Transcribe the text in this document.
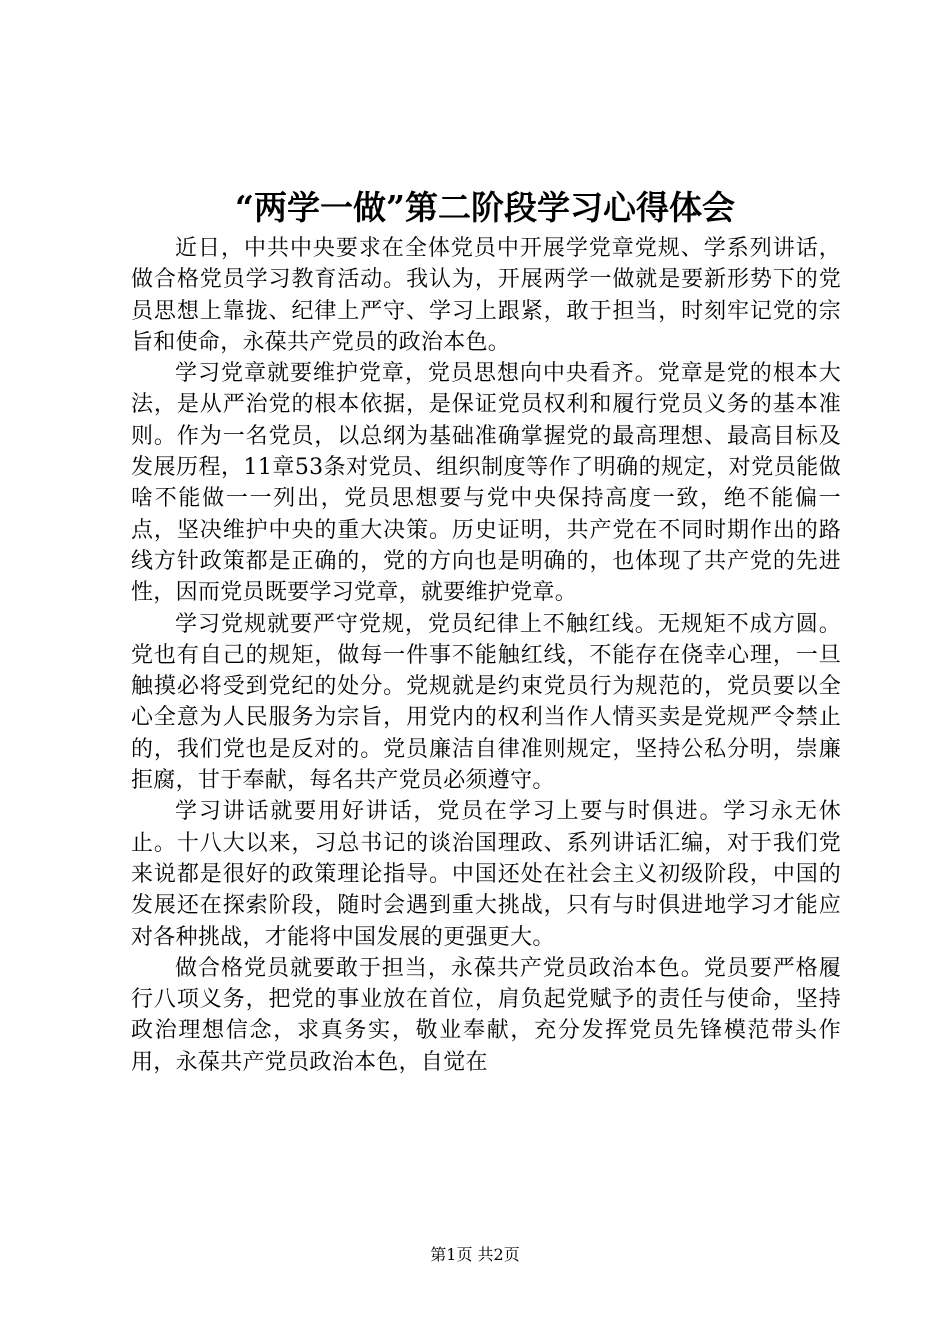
“两学一做”第二阶段学习心得体会

近日，中共中央要求在全体党员中开展学党章党规、学系列讲话，做合格党员学习教育活动。我认为，开展两学一做就是要新形势下的党员思想上靠拢、纪律上严守、学习上跟紧，敢于担当，时刻牢记党的宗旨和使命，永葆共产党员的政治本色。

学习党章就要维护党章，党员思想向中央看齐。党章是党的根本大法，是从严治党的根本依据，是保证党员权利和履行党员义务的基本准则。作为一名党员，以总纲为基础准确掌握党的最高理想、最高目标及发展历程，11章53条对党员、组织制度等作了明确的规定，对党员能做啥不能做一一列出，党员思想要与党中央保持高度一致，绝不能偏一点，坚决维护中央的重大决策。历史证明，共产党在不同时期作出的路线方针政策都是正确的，党的方向也是明确的，也体现了共产党的先进性，因而党员既要学习党章，就要维护党章。

学习党规就要严守党规，党员纪律上不触红线。无规矩不成方圆。党也有自己的规矩，做每一件事不能触红线，不能存在侥幸心理，一旦触摸必将受到党纪的处分。党规就是约束党员行为规范的，党员要以全心全意为人民服务为宗旨，用党内的权利当作人情买卖是党规严令禁止的，我们党也是反对的。党员廉洁自律准则规定，坚持公私分明，崇廉拒腐，甘于奉献，每名共产党员必须遵守。

学习讲话就要用好讲话，党员在学习上要与时俱进。学习永无休止。十八大以来，习总书记的谈治国理政、系列讲话汇编，对于我们党来说都是很好的政策理论指导。中国还处在社会主义初级阶段，中国的发展还在探索阶段，随时会遇到重大挑战，只有与时俱进地学习才能应对各种挑战，才能将中国发展的更强更大。

做合格党员就要敢于担当，永葆共产党员政治本色。党员要严格履行八项义务，把党的事业放在首位，肩负起党赋予的责任与使命，坚持政治理想信念，求真务实，敬业奉献，充分发挥党员先锋模范带头作用，永葆共产党员政治本色，自觉在

第1页 共2页
